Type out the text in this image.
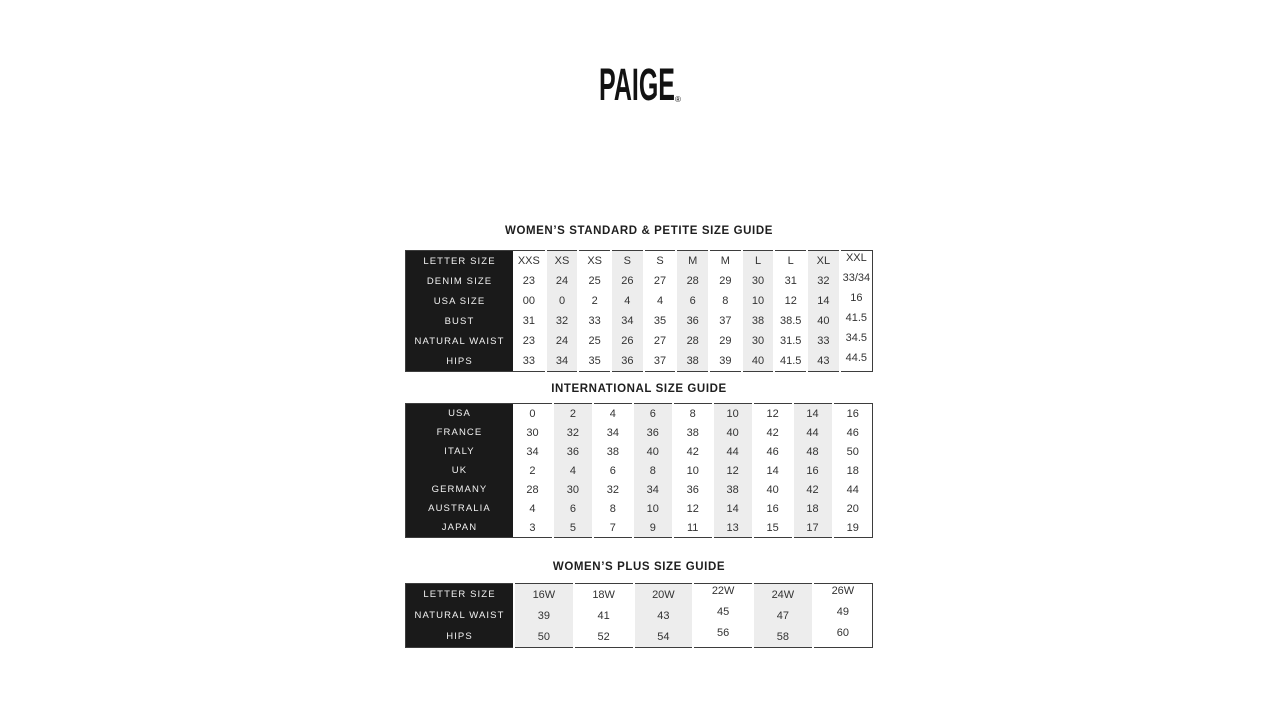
PAIGE ®
WOMEN’S STANDARD & PETITE SIZE GUIDE
LETTER SIZE	XXS	XS	XS	S	S	M	M	L	L	XL	XXL
DENIM SIZE	23	24	25	26	27	28	29	30	31	32	33/34
USA SIZE	00	0	2	4	4	6	8	10	12	14	16
BUST	31	32	33	34	35	36	37	38	38.5	40	41.5
NATURAL WAIST	23	24	25	26	27	28	29	30	31.5	33	34.5
HIPS	33	34	35	36	37	38	39	40	41.5	43	44.5
INTERNATIONAL SIZE GUIDE
USA	0	2	4	6	8	10	12	14	16
FRANCE	30	32	34	36	38	40	42	44	46
ITALY	34	36	38	40	42	44	46	48	50
UK	2	4	6	8	10	12	14	16	18
GERMANY	28	30	32	34	36	38	40	42	44
AUSTRALIA	4	6	8	10	12	14	16	18	20
JAPAN	3	5	7	9	11	13	15	17	19
WOMEN’S PLUS SIZE GUIDE
LETTER SIZE	16W	18W	20W	22W	24W	26W
NATURAL WAIST	39	41	43	45	47	49
HIPS	50	52	54	56	58	60
